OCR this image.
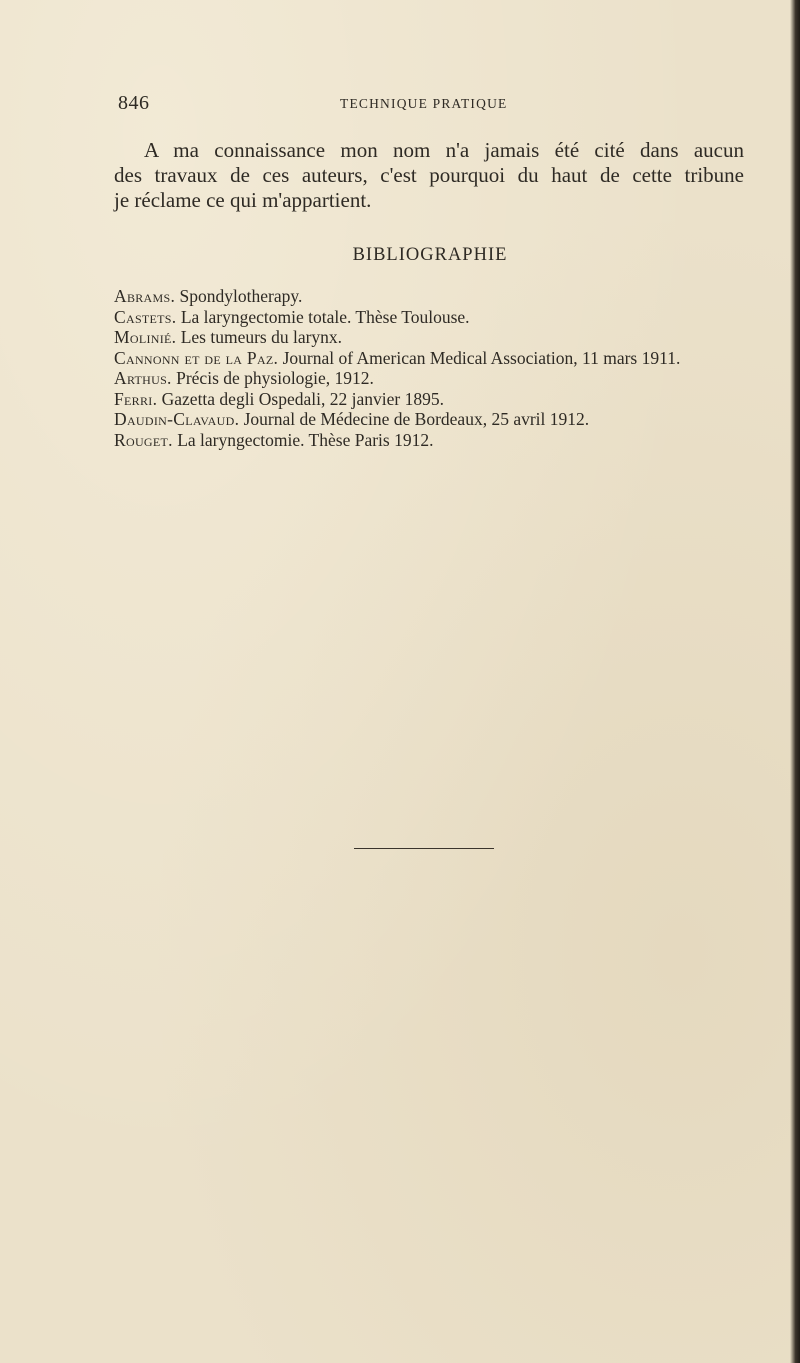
846	TECHNIQUE PRATIQUE

A ma connaissance mon nom n'a jamais été cité dans aucun
des travaux de ces auteurs, c'est pourquoi du haut de cette tribune
je réclame ce qui m'appartient.

BIBLIOGRAPHIE
Abrams. Spondylotherapy.
Castets. La laryngectomie totale. Thèse Toulouse.
Molinié. Les tumeurs du larynx.
Cannonn et de la Paz. Journal of American Medical Association, 11 mars 1911.
Arthus. Précis de physiologie, 1912.
Ferri. Gazetta degli Ospedali, 22 janvier 1895.
Daudin-Clavaud. Journal de Médecine de Bordeaux, 25 avril 1912.
Rouget. La laryngectomie. Thèse Paris 1912.
